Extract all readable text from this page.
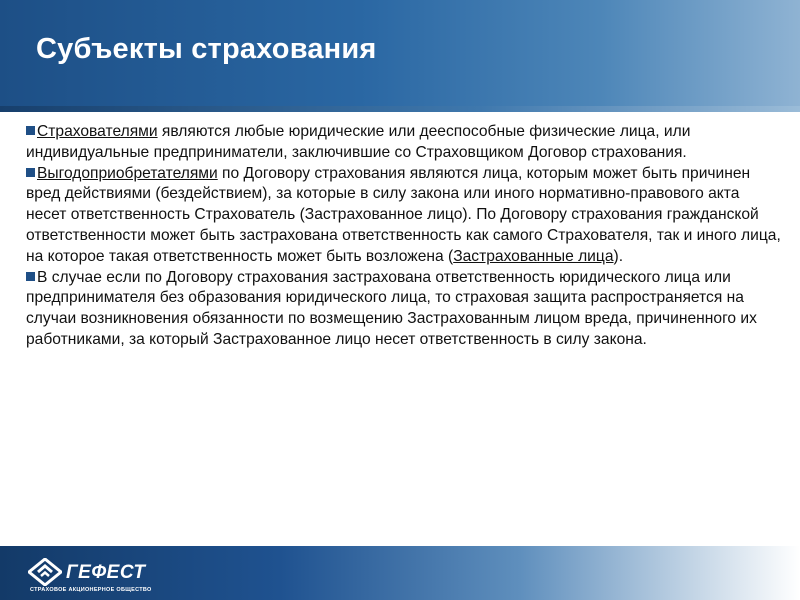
Субъекты страхования

Страхователями являются любые юридические или дееспособные физические лица, или индивидуальные предприниматели, заключившие со Страховщиком Договор страхования.

Выгодоприобретателями по Договору страхования являются лица, которым может быть причинен вред действиями (бездействием), за которые в силу закона или иного нормативно-правового акта несет ответственность Страхователь (Застрахованное лицо). По Договору страхования гражданской ответственности может быть застрахована ответственность как самого Страхователя, так и иного лица, на которое такая ответственность может быть возложена (Застрахованные лица).

В случае если по Договору страхования застрахована ответственность юридического лица или предпринимателя без образования юридического лица, то страховая защита распространяется на случаи возникновения обязанности по возмещению Застрахованным лицом вреда, причиненного их работниками, за который Застрахованное лицо несет ответственность в силу закона.

ГЕФЕСТ
СТРАХОВОЕ АКЦИОНЕРНОЕ ОБЩЕСТВО
